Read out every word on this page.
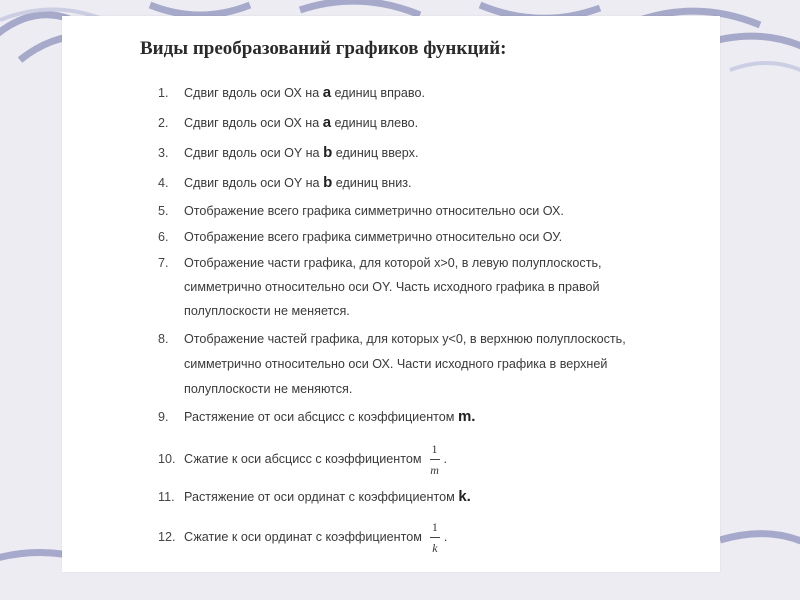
Виды преобразований графиков функций:
1. Сдвиг вдоль оси ОХ на а единиц вправо.
2. Сдвиг вдоль оси ОХ на а единиц влево.
3. Сдвиг вдоль оси ОY на b единиц вверх.
4. Сдвиг вдоль оси ОY на b единиц вниз.
5. Отображение всего графика симметрично относительно оси ОХ.
6. Отображение всего графика симметрично относительно оси ОУ.
7. Отображение части графика, для которой х>0, в левую полуплоскость,
симметрично относительно оси ОY. Часть исходного графика в правой
полуплоскости не меняется.
8. Отображение частей графика, для которых у<0, в верхнюю полуплоскость,
симметрично относительно оси ОХ. Части исходного графика в верхней
полуплоскости не меняются.
9. Растяжение от оси абсцисс с коэффициентом m.
10. Сжатие к оси абсцисс с коэффициентом $\frac{1}{m}$ .
11. Растяжение от оси ординат с коэффициентом k.
12. Сжатие к оси ординат с коэффициентом $\frac{1}{k}$ .
